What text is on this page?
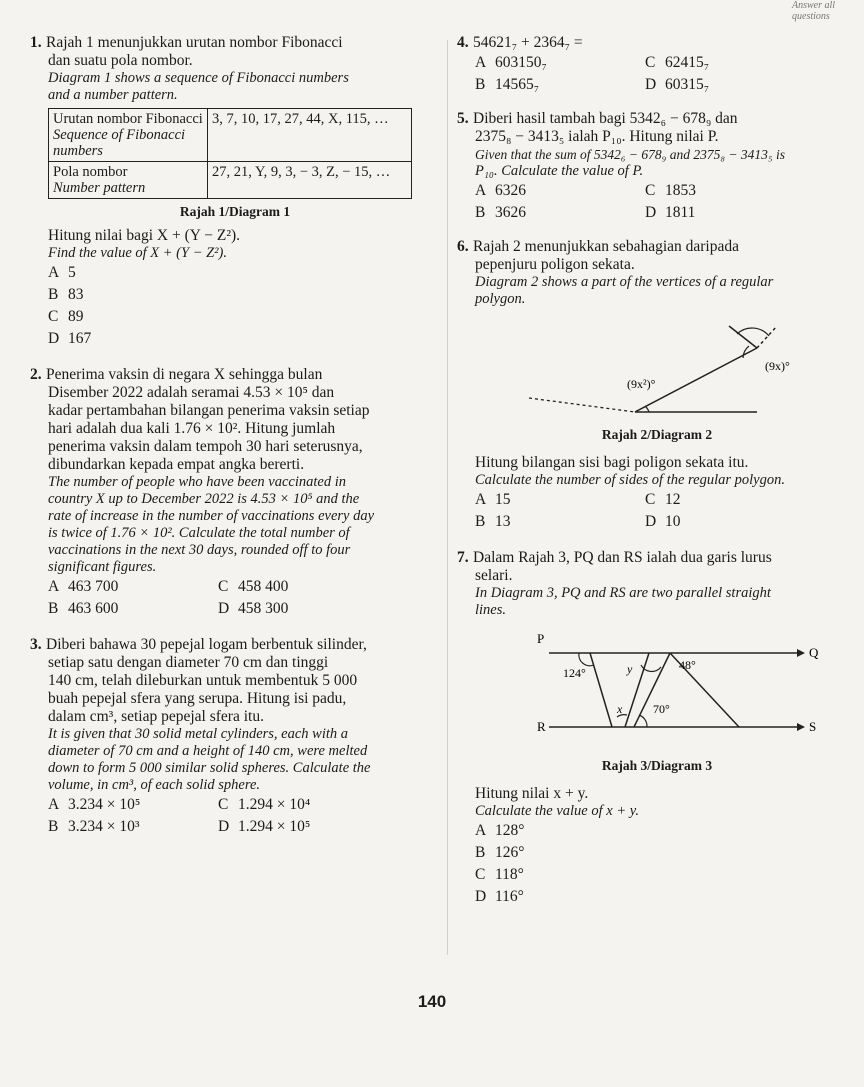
Answer all questions
1. Rajah 1 menunjukkan urutan nombor Fibonacci
dan suatu pola nombor.
Diagram 1 shows a sequence of Fibonacci numbers
and a number pattern.
Urutan nombor Fibonacci
Sequence of Fibonacci numbers	3, 7, 10, 17, 27, 44, X, 115, …

Pola nombor
Number pattern	27, 21, Y, 9, 3, − 3, Z, − 15, …
Rajah 1/Diagram 1
Hitung nilai bagi X + (Y − Z²).
Find the value of X + (Y − Z²).
A 5
B 83
C 89
D 167
2. Penerima vaksin di negara X sehingga bulan
Disember 2022 adalah seramai 4.53 × 10⁵ dan
kadar pertambahan bilangan penerima vaksin setiap
hari adalah dua kali 1.76 × 10². Hitung jumlah
penerima vaksin dalam tempoh 30 hari seterusnya,
dibundarkan kepada empat angka bererti.
The number of people who have been vaccinated in
country X up to December 2022 is 4.53 × 10⁵ and the
rate of increase in the number of vaccinations every day
is twice of 1.76 × 10². Calculate the total number of
vaccinations in the next 30 days, rounded off to four
significant figures.
A 463 700	C 458 400
B 463 600	D 458 300
3. Diberi bahawa 30 pepejal logam berbentuk silinder,
setiap satu dengan diameter 70 cm dan tinggi
140 cm, telah dileburkan untuk membentuk 5 000
buah pepejal sfera yang serupa. Hitung isi padu,
dalam cm³, setiap pepejal sfera itu.
It is given that 30 solid metal cylinders, each with a
diameter of 70 cm and a height of 140 cm, were melted
down to form 5 000 similar solid spheres. Calculate the
volume, in cm³, of each solid sphere.
A 3.234 × 10⁵	C 1.294 × 10⁴
B 3.234 × 10³	D 1.294 × 10⁵
4. 54621₇ + 2364₇ =
A 603150₇	C 62415₇
B 14565₇	D 60315₇
5. Diberi hasil tambah bagi 5342₆ − 678₉ dan
2375₈ − 3413₅ ialah P₁₀. Hitung nilai P.
Given that the sum of 5342₆ − 678₉ and 2375₈ − 3413₅ is
P₁₀. Calculate the value of P.
A 6326	C 1853
B 3626	D 1811
6. Rajah 2 menunjukkan sebahagian daripada
pepenjuru poligon sekata.
Diagram 2 shows a part of the vertices of a regular
polygon.
(9x²)°
(9x)°
Rajah 2/Diagram 2
Hitung bilangan sisi bagi poligon sekata itu.
Calculate the number of sides of the regular polygon.
A 15	C 12
B 13	D 10
7. Dalam Rajah 3, PQ dan RS ialah dua garis lurus
selari.
In Diagram 3, PQ and RS are two parallel straight
lines.
P
Q
R	S
124°	y	48°
x	70°
Rajah 3/Diagram 3
Hitung nilai x + y.
Calculate the value of x + y.
A 128°
B 126°
C 118°
D 116°
140
